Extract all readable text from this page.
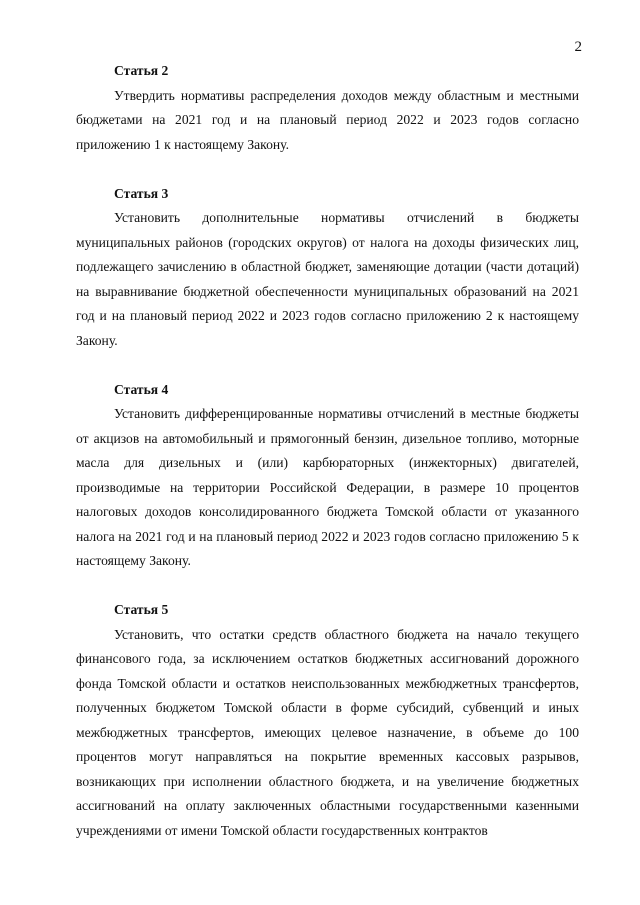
2

Статья 2

Утвердить нормативы распределения доходов между областным и местными бюджетами на 2021 год и на плановый период 2022 и 2023 годов согласно приложению 1 к настоящему Закону.

Статья 3

Установить дополнительные нормативы отчислений в бюджеты муниципальных районов (городских округов) от налога на доходы физических лиц, подлежащего зачислению в областной бюджет, заменяющие дотации (части дотаций) на выравнивание бюджетной обеспеченности муниципальных образований на 2021 год и на плановый период 2022 и 2023 годов согласно приложению 2 к настоящему Закону.

Статья 4

Установить дифференцированные нормативы отчислений в местные бюджеты от акцизов на автомобильный и прямогонный бензин, дизельное топливо, моторные масла для дизельных и (или) карбюраторных (инжекторных) двигателей, производимые на территории Российской Федерации, в размере 10 процентов налоговых доходов консолидированного бюджета Томской области от указанного налога на 2021 год и на плановый период 2022 и 2023 годов согласно приложению 5 к настоящему Закону.

Статья 5

Установить, что остатки средств областного бюджета на начало текущего финансового года, за исключением остатков бюджетных ассигнований дорожного фонда Томской области и остатков неиспользованных межбюджетных трансфертов, полученных бюджетом Томской области в форме субсидий, субвенций и иных межбюджетных трансфертов, имеющих целевое назначение, в объеме до 100 процентов могут направляться на покрытие временных кассовых разрывов, возникающих при исполнении областного бюджета, и на увеличение бюджетных ассигнований на оплату заключенных областными государственными казенными учреждениями от имени Томской области государственных контрактов
